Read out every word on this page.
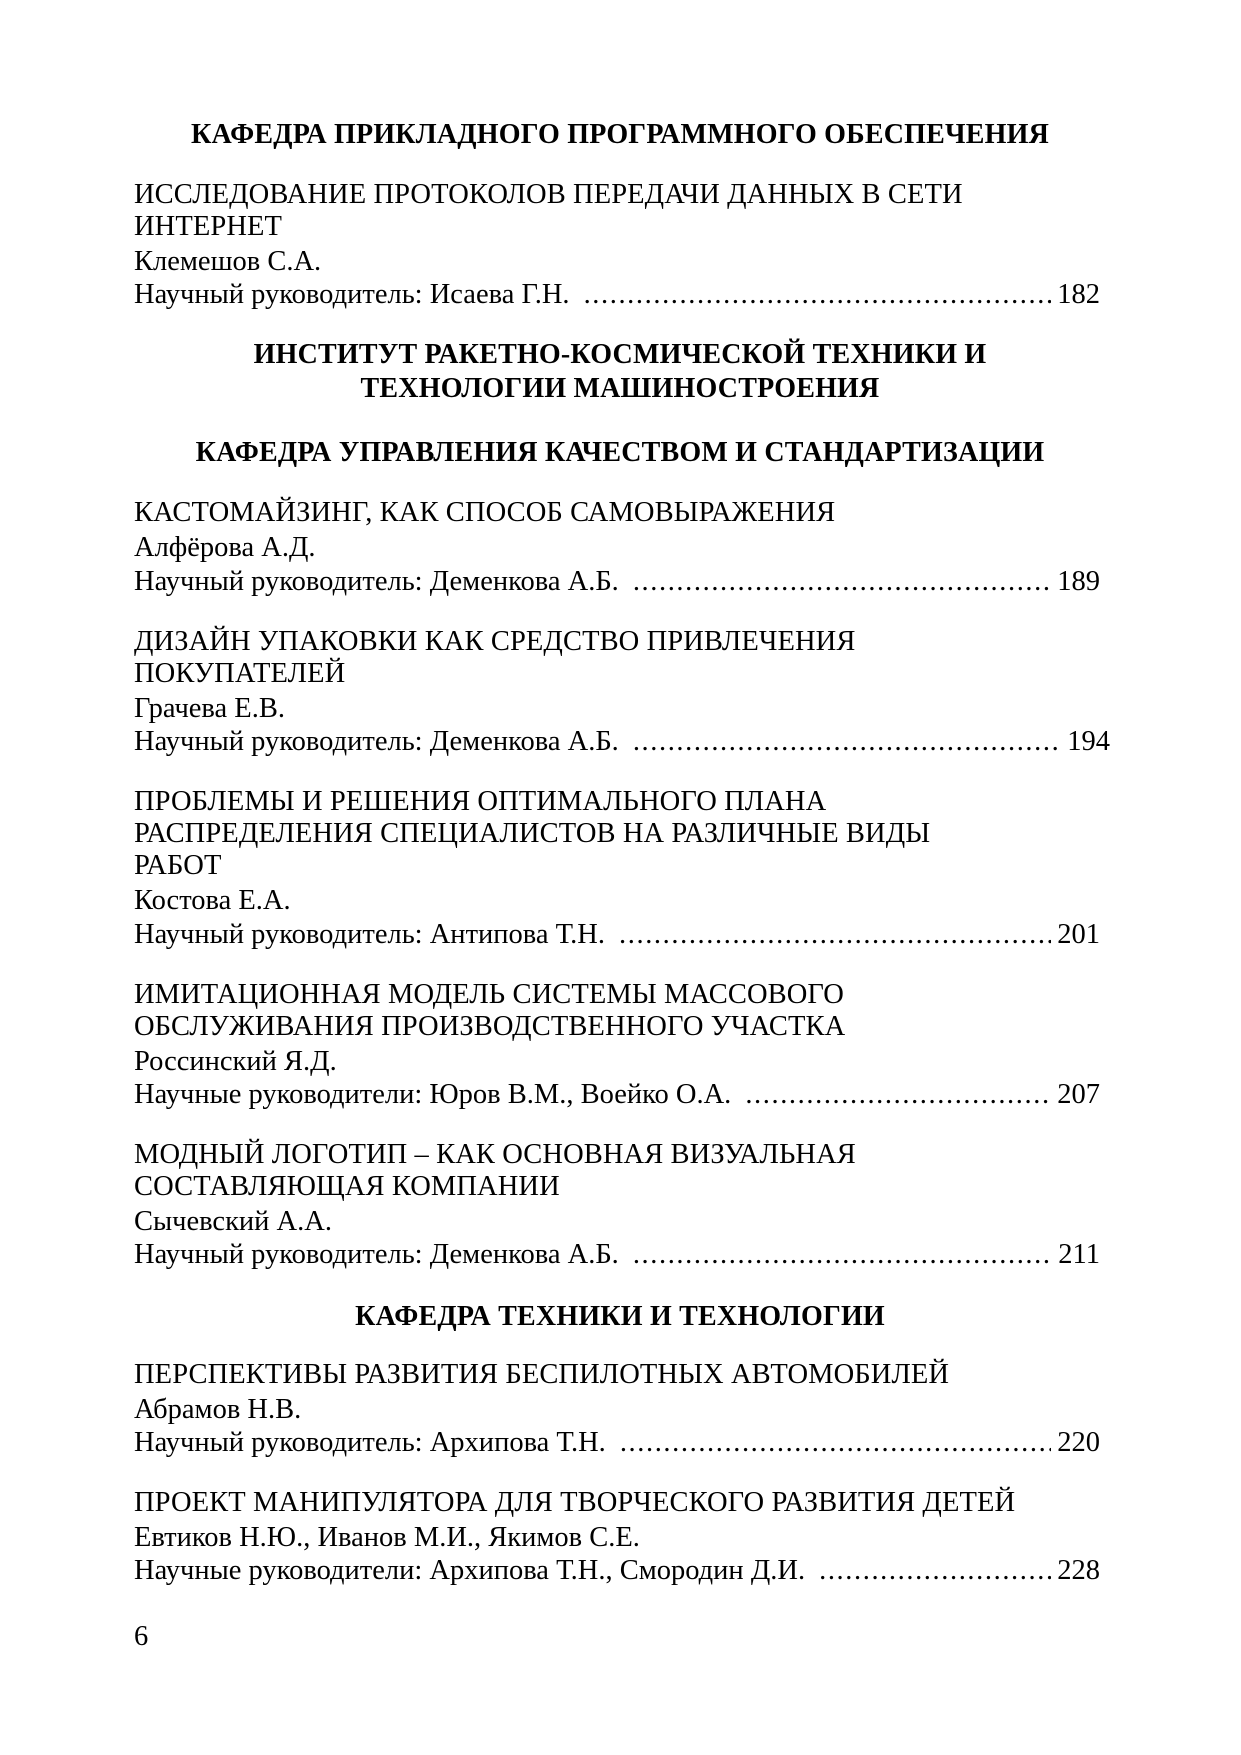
КАФЕДРА ПРИКЛАДНОГО ПРОГРАММНОГО ОБЕСПЕЧЕНИЯ
ИССЛЕДОВАНИЕ ПРОТОКОЛОВ ПЕРЕДАЧИ ДАННЫХ В СЕТИ
ИНТЕРНЕТ
Клемешов С.А.
Научный руководитель: Исаева Г.Н. .....	182
ИНСТИТУТ РАКЕТНО-КОСМИЧЕСКОЙ ТЕХНИКИ И
ТЕХНОЛОГИИ МАШИНОСТРОЕНИЯ
КАФЕДРА УПРАВЛЕНИЯ КАЧЕСТВОМ И СТАНДАРТИЗАЦИИ
КАСТОМАЙЗИНГ, КАК СПОСОБ САМОВЫРАЖЕНИЯ
Алфёрова А.Д.
Научный руководитель: Деменкова А.Б. .....	189
ДИЗАЙН УПАКОВКИ КАК СРЕДСТВО ПРИВЛЕЧЕНИЯ
ПОКУПАТЕЛЕЙ
Грачева Е.В.
Научный руководитель: Деменкова А.Б. .....	194
ПРОБЛЕМЫ И РЕШЕНИЯ ОПТИМАЛЬНОГО ПЛАНА
РАСПРЕДЕЛЕНИЯ СПЕЦИАЛИСТОВ НА РАЗЛИЧНЫЕ ВИДЫ
РАБОТ
Костова Е.А.
Научный руководитель: Антипова Т.Н. .....	201
ИМИТАЦИОННАЯ МОДЕЛЬ СИСТЕМЫ МАССОВОГО
ОБСЛУЖИВАНИЯ ПРОИЗВОДСТВЕННОГО УЧАСТКА
Россинский Я.Д.
Научные руководители: Юров В.М., Воейко О.А. .....	207
МОДНЫЙ ЛОГОТИП – КАК ОСНОВНАЯ ВИЗУАЛЬНАЯ
СОСТАВЛЯЮЩАЯ КОМПАНИИ
Сычевский А.А.
Научный руководитель: Деменкова А.Б. .....	211
КАФЕДРА ТЕХНИКИ И ТЕХНОЛОГИИ
ПЕРСПЕКТИВЫ РАЗВИТИЯ БЕСПИЛОТНЫХ АВТОМОБИЛЕЙ
Абрамов Н.В.
Научный руководитель: Архипова Т.Н. .....	220
ПРОЕКТ МАНИПУЛЯТОРА ДЛЯ ТВОРЧЕСКОГО РАЗВИТИЯ ДЕТЕЙ
Евтиков Н.Ю., Иванов М.И., Якимов С.Е.
Научные руководители: Архипова Т.Н., Смородин Д.И. .....	228
6
